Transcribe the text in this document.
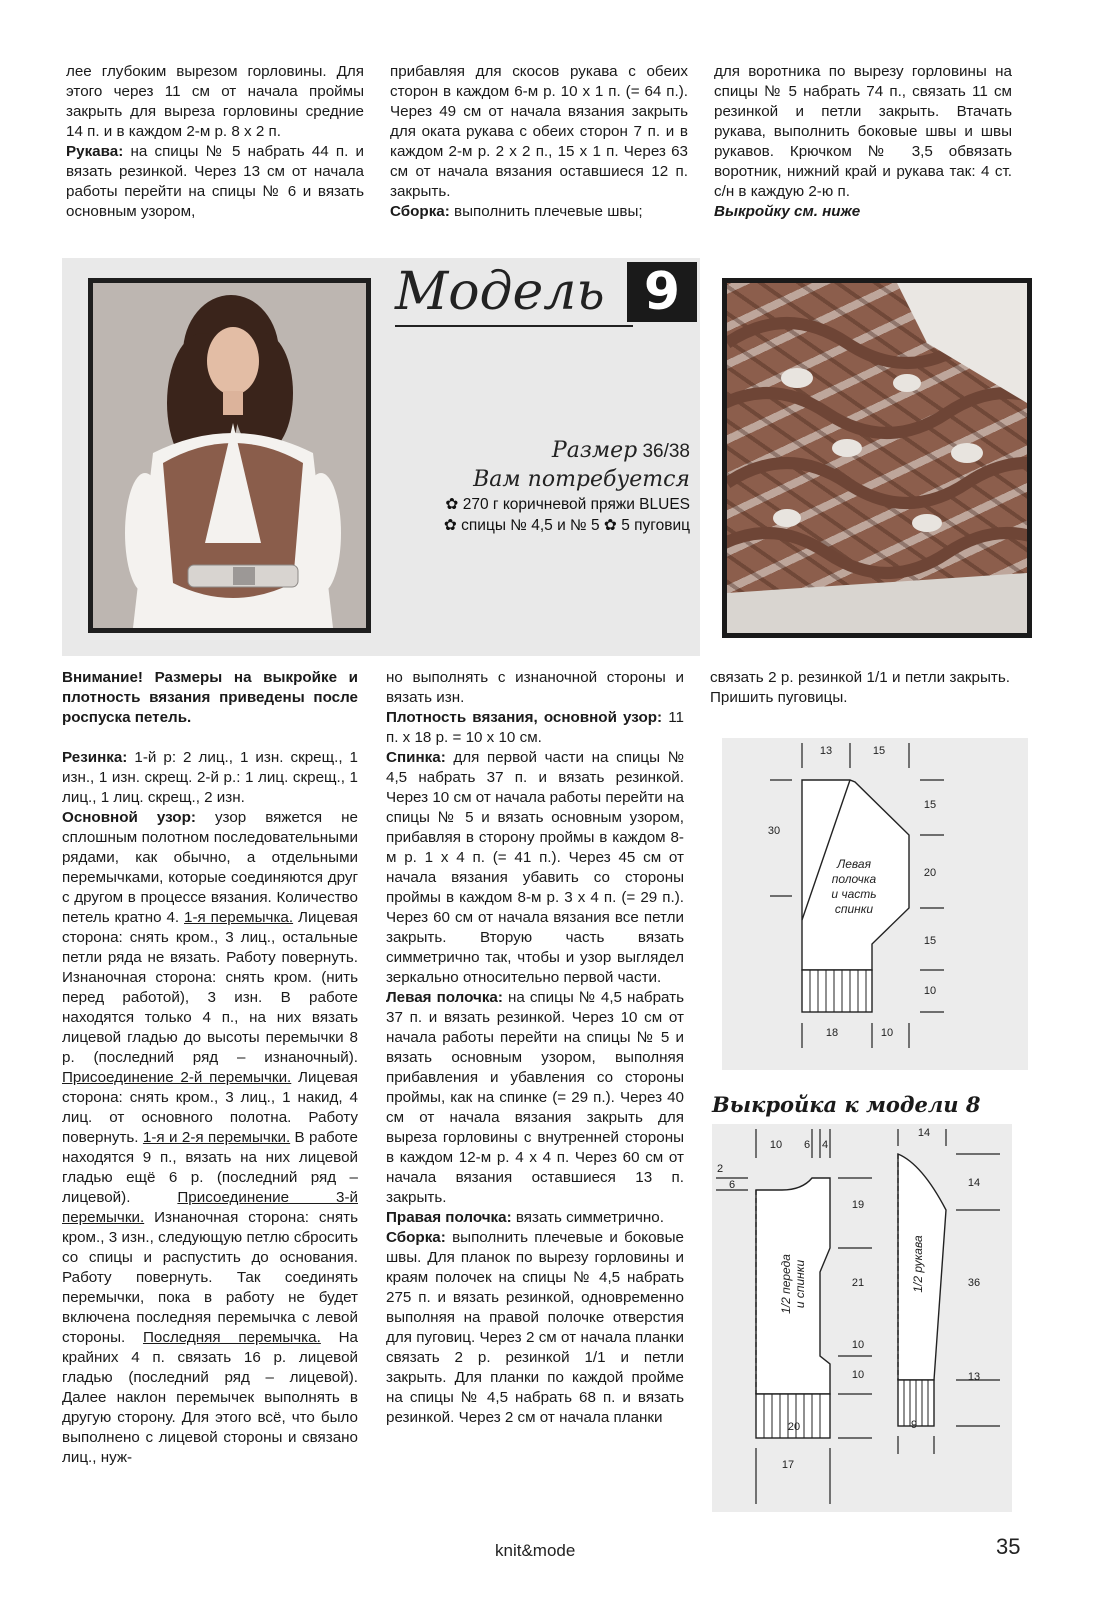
лее глубоким вырезом горловины. Для этого через 11 см от начала проймы закрыть для выреза горловины средние 14 п. и в каждом 2-м р. 8 х 2 п.

Рукава: на спицы № 5 набрать 44 п. и вязать резинкой. Через 13 см от начала работы перейти на спицы № 6 и вязать основным узором,

прибавляя для скосов рукава с обеих сторон в каждом 6-м р. 10 х 1 п. (= 64 п.). Через 49 см от начала вязания закрыть для оката рукава с обеих сторон 7 п. и в каждом 2-м р. 2 х 2 п., 15 х 1 п. Через 63 см от начала вязания оставшиеся 12 п. закрыть.

Сборка: выполнить плечевые швы;

для воротника по вырезу горловины на спицы № 5 набрать 74 п., связать 11 см резинкой и петли закрыть. Втачать рукава, выполнить боковые швы и швы рукавов. Крючком № 3,5 обвязать воротник, нижний край и рукава так: 4 ст. с/н в каждую 2-ю п.

Выкройку см. ниже

Модель 9
Размер 36/38
Вам потребуется
✿ 270 г коричневой пряжи BLUES
✿ спицы № 4,5 и № 5 ✿ 5 пуговиц

Внимание! Размеры на выкройке и плотность вязания приведены после роспуска петель.

Резинка: 1-й р: 2 лиц., 1 изн. скрещ., 1 изн., 1 изн. скрещ. 2-й р.: 1 лиц. скрещ., 1 лиц., 1 лиц. скрещ., 2 изн.

Основной узор: узор вяжется не сплошным полотном последовательными рядами, как обычно, а отдельными перемычками, которые соединяются друг с другом в процессе вязания. Количество петель кратно 4. 1-я перемычка. Лицевая сторона: снять кром., 3 лиц., остальные петли ряда не вязать. Работу повернуть. Изнаночная сторона: снять кром. (нить перед работой), 3 изн. В работе находятся только 4 п., на них вязать лицевой гладью до высоты перемычки 8 р. (последний ряд – изнаночный). Присоединение 2-й перемычки. Лицевая сторона: снять кром., 3 лиц., 1 накид, 4 лиц. от основного полотна. Работу повернуть. 1-я и 2-я перемычки. В работе находятся 9 п., вязать на них лицевой гладью ещё 6 р. (последний ряд – лицевой). Присоединение 3-й перемычки. Изнаночная сторона: снять кром., 3 изн., следующую петлю сбросить со спицы и распустить до основания. Работу повернуть. Так соединять перемычки, пока в работу не будет включена последняя перемычка с левой стороны. Последняя перемычка. На крайних 4 п. связать 16 р. лицевой гладью (последний ряд – лицевой). Далее наклон перемычек выполнять в другую сторону. Для этого всё, что было выполнено с лицевой стороны и связано лиц., нуж-

но выполнять с изнаночной стороны и вязать изн.

Плотность вязания, основной узор: 11 п. х 18 р. = 10 х 10 см.

Спинка: для первой части на спицы № 4,5 набрать 37 п. и вязать резинкой. Через 10 см от начала работы перейти на спицы № 5 и вязать основным узором, прибавляя в сторону проймы в каждом 8-м р. 1 х 4 п. (= 41 п.). Через 45 см от начала вязания убавить со стороны проймы в каждом 8-м р. 3 х 4 п. (= 29 п.). Через 60 см от начала вязания все петли закрыть. Вторую часть вязать симметрично так, чтобы и узор выглядел зеркально относительно первой части.

Левая полочка: на спицы № 4,5 набрать 37 п. и вязать резинкой. Через 10 см от начала работы перейти на спицы № 5 и вязать основным узором, выполняя прибавления и убавления со стороны проймы, как на спинке (= 29 п.). Через 40 см от начала вязания закрыть для выреза горловины с внутренней стороны в каждом 12-м р. 4 х 4 п. Через 60 см от начала вязания оставшиеся 13 п. закрыть.

Правая полочка: вязать симметрично.

Сборка: выполнить плечевые и боковые швы. Для планок по вырезу горловины и краям полочек на спицы № 4,5 набрать 275 п. и вязать резинкой, одновременно выполняя на правой полочке отверстия для пуговиц. Через 2 см от начала планки связать 2 р. резинкой 1/1 и петли закрыть. Для планки по каждой пройме на спицы № 4,5 набрать 68 п. и вязать резинкой. Через 2 см от начала планки

связать 2 р. резинкой 1/1 и петли закрыть. Пришить пуговицы.

13	15
15
30
20
15
10
18	10
Левая
полочка
и часть
спинки
Выкройка к модели 8
10 6 4
2
6
19
21
10
10
20
17
14
14
36
13
9
1/2 переда и спинки	1/2 рукава
knit&mode	35
